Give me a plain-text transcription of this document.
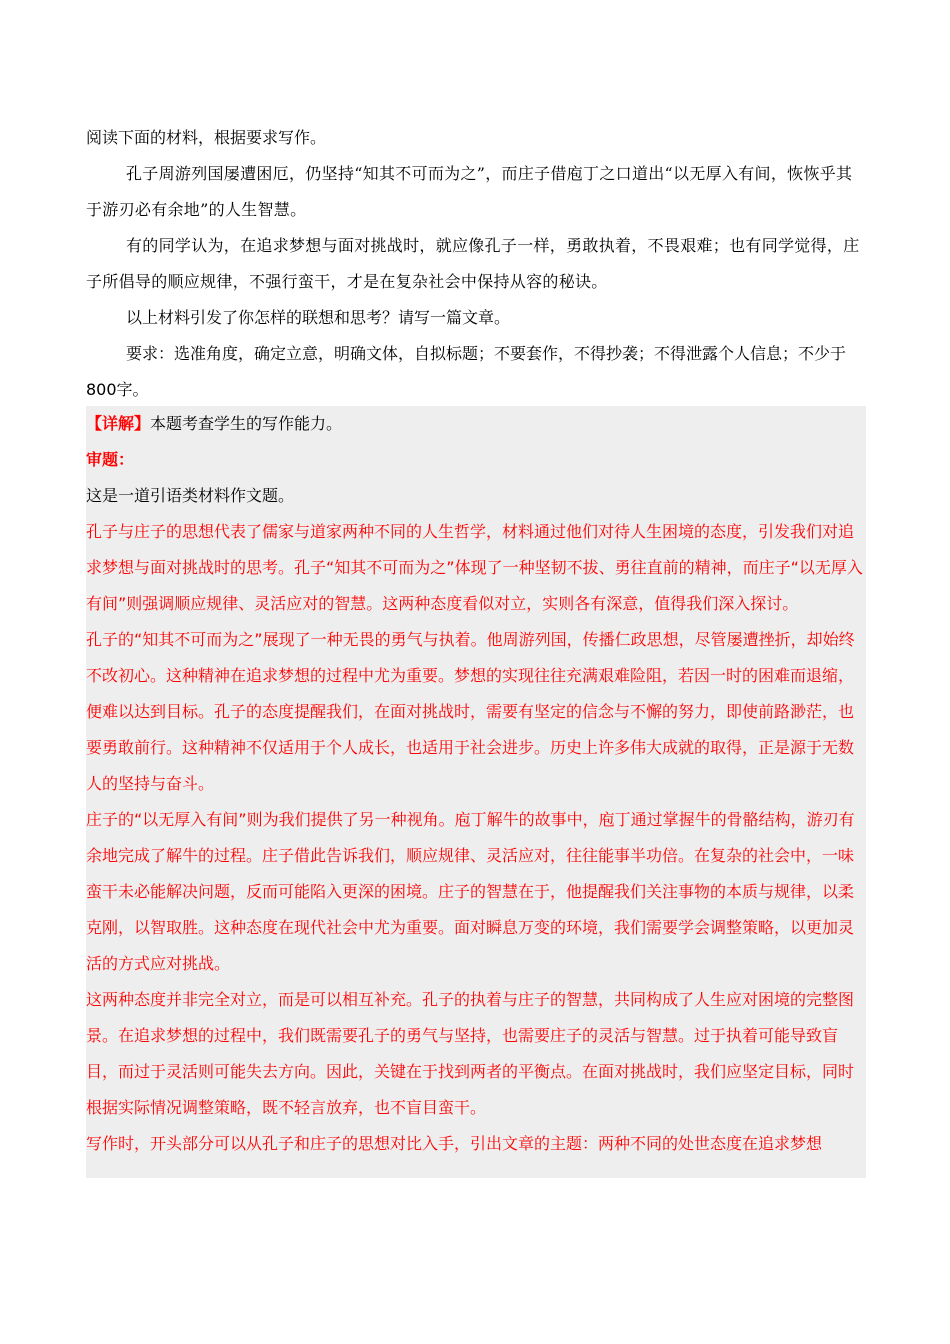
阅读下面的材料，根据要求写作。

孔子周游列国屡遭困厄，仍坚持“知其不可而为之”，而庄子借庖丁之口道出“以无厚入有间，恢恢乎其于游刃必有余地”的人生智慧。

有的同学认为，在追求梦想与面对挑战时，就应像孔子一样，勇敢执着，不畏艰难；也有同学觉得，庄子所倡导的顺应规律，不强行蛮干，才是在复杂社会中保持从容的秘诀。

以上材料引发了你怎样的联想和思考？请写一篇文章。

要求：选准角度，确定立意，明确文体，自拟标题；不要套作，不得抄袭；不得泄露个人信息；不少于800字。

【详解】本题考查学生的写作能力。

审题：

这是一道引语类材料作文题。

孔子与庄子的思想代表了儒家与道家两种不同的人生哲学，材料通过他们对待人生困境的态度，引发我们对追求梦想与面对挑战时的思考。孔子“知其不可而为之”体现了一种坚韧不拔、勇往直前的精神，而庄子“以无厚入有间”则强调顺应规律、灵活应对的智慧。这两种态度看似对立，实则各有深意，值得我们深入探讨。

孔子的“知其不可而为之”展现了一种无畏的勇气与执着。他周游列国，传播仁政思想，尽管屡遭挫折，却始终不改初心。这种精神在追求梦想的过程中尤为重要。梦想的实现往往充满艰难险阻，若因一时的困难而退缩，便难以达到目标。孔子的态度提醒我们，在面对挑战时，需要有坚定的信念与不懈的努力，即使前路渺茫，也要勇敢前行。这种精神不仅适用于个人成长，也适用于社会进步。历史上许多伟大成就的取得，正是源于无数人的坚持与奋斗。

庄子的“以无厚入有间”则为我们提供了另一种视角。庖丁解牛的故事中，庖丁通过掌握牛的骨骼结构，游刃有余地完成了解牛的过程。庄子借此告诉我们，顺应规律、灵活应对，往往能事半功倍。在复杂的社会中，一味蛮干未必能解决问题，反而可能陷入更深的困境。庄子的智慧在于，他提醒我们关注事物的本质与规律，以柔克刚，以智取胜。这种态度在现代社会中尤为重要。面对瞬息万变的环境，我们需要学会调整策略，以更加灵活的方式应对挑战。

这两种态度并非完全对立，而是可以相互补充。孔子的执着与庄子的智慧，共同构成了人生应对困境的完整图景。在追求梦想的过程中，我们既需要孔子的勇气与坚持，也需要庄子的灵活与智慧。过于执着可能导致盲目，而过于灵活则可能失去方向。因此，关键在于找到两者的平衡点。在面对挑战时，我们应坚定目标，同时根据实际情况调整策略，既不轻言放弃，也不盲目蛮干。

写作时，开头部分可以从孔子和庄子的思想对比入手，引出文章的主题：两种不同的处世态度在追求梦想
